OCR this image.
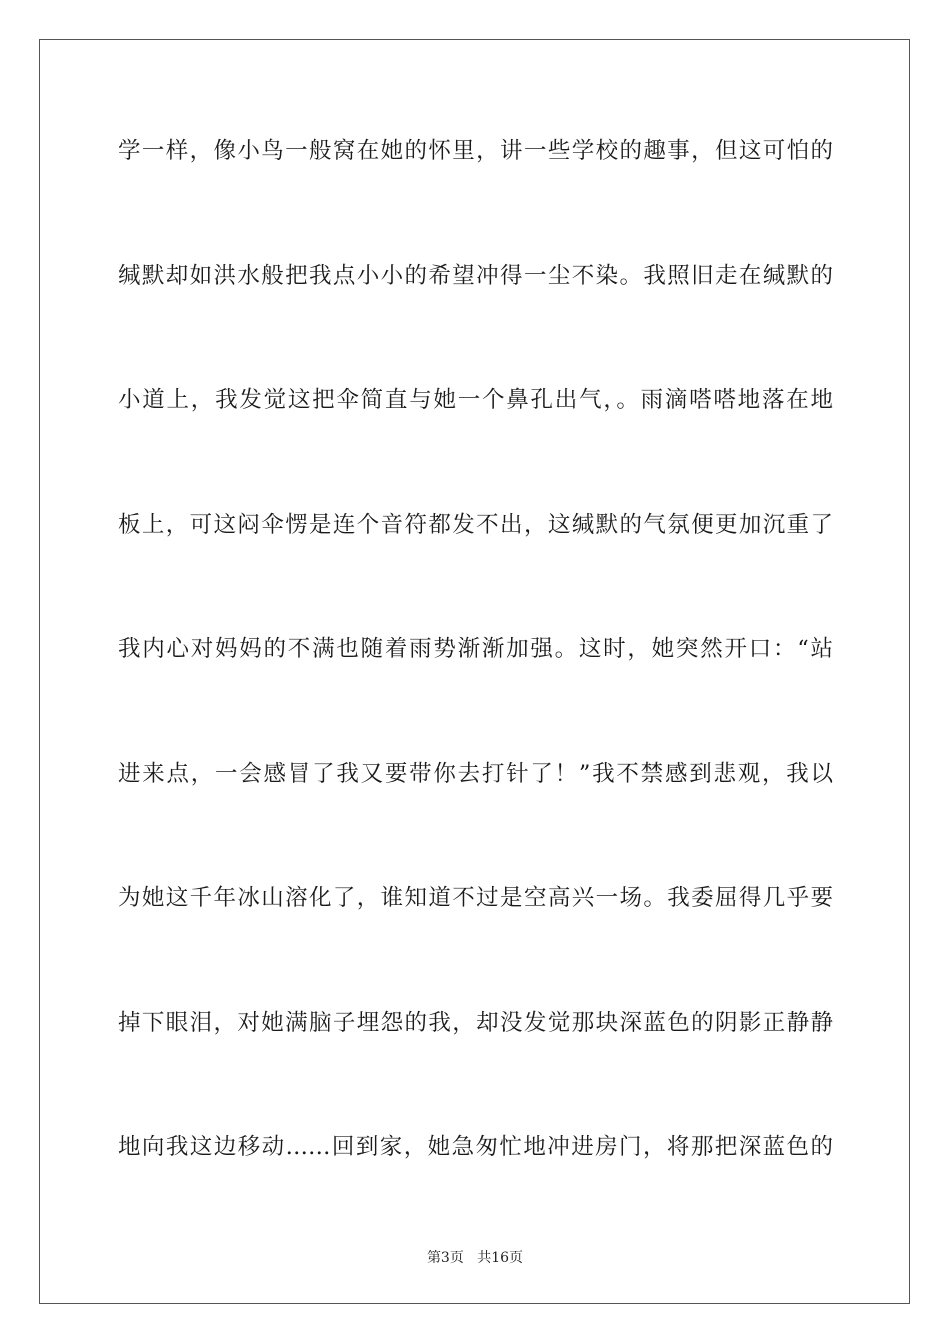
学一样，像小鸟一般窝在她的怀里，讲一些学校的趣事，但这可怕的
缄默却如洪水般把我点小小的希望冲得一尘不染。我照旧走在缄默的
小道上，我发觉这把伞简直与她一个鼻孔出气，。雨滴嗒嗒地落在地
板上，可这闷伞愣是连个音符都发不出，这缄默的气氛便更加沉重了
我内心对妈妈的不满也随着雨势渐渐加强。这时，她突然开口：“站
进来点，一会感冒了我又要带你去打针了！”我不禁感到悲观，我以
为她这千年冰山溶化了，谁知道不过是空高兴一场。我委屈得几乎要
掉下眼泪，对她满脑子埋怨的我，却没发觉那块深蓝色的阴影正静静
地向我这边移动……回到家，她急匆忙地冲进房门，将那把深蓝色的
第3页 共16页
